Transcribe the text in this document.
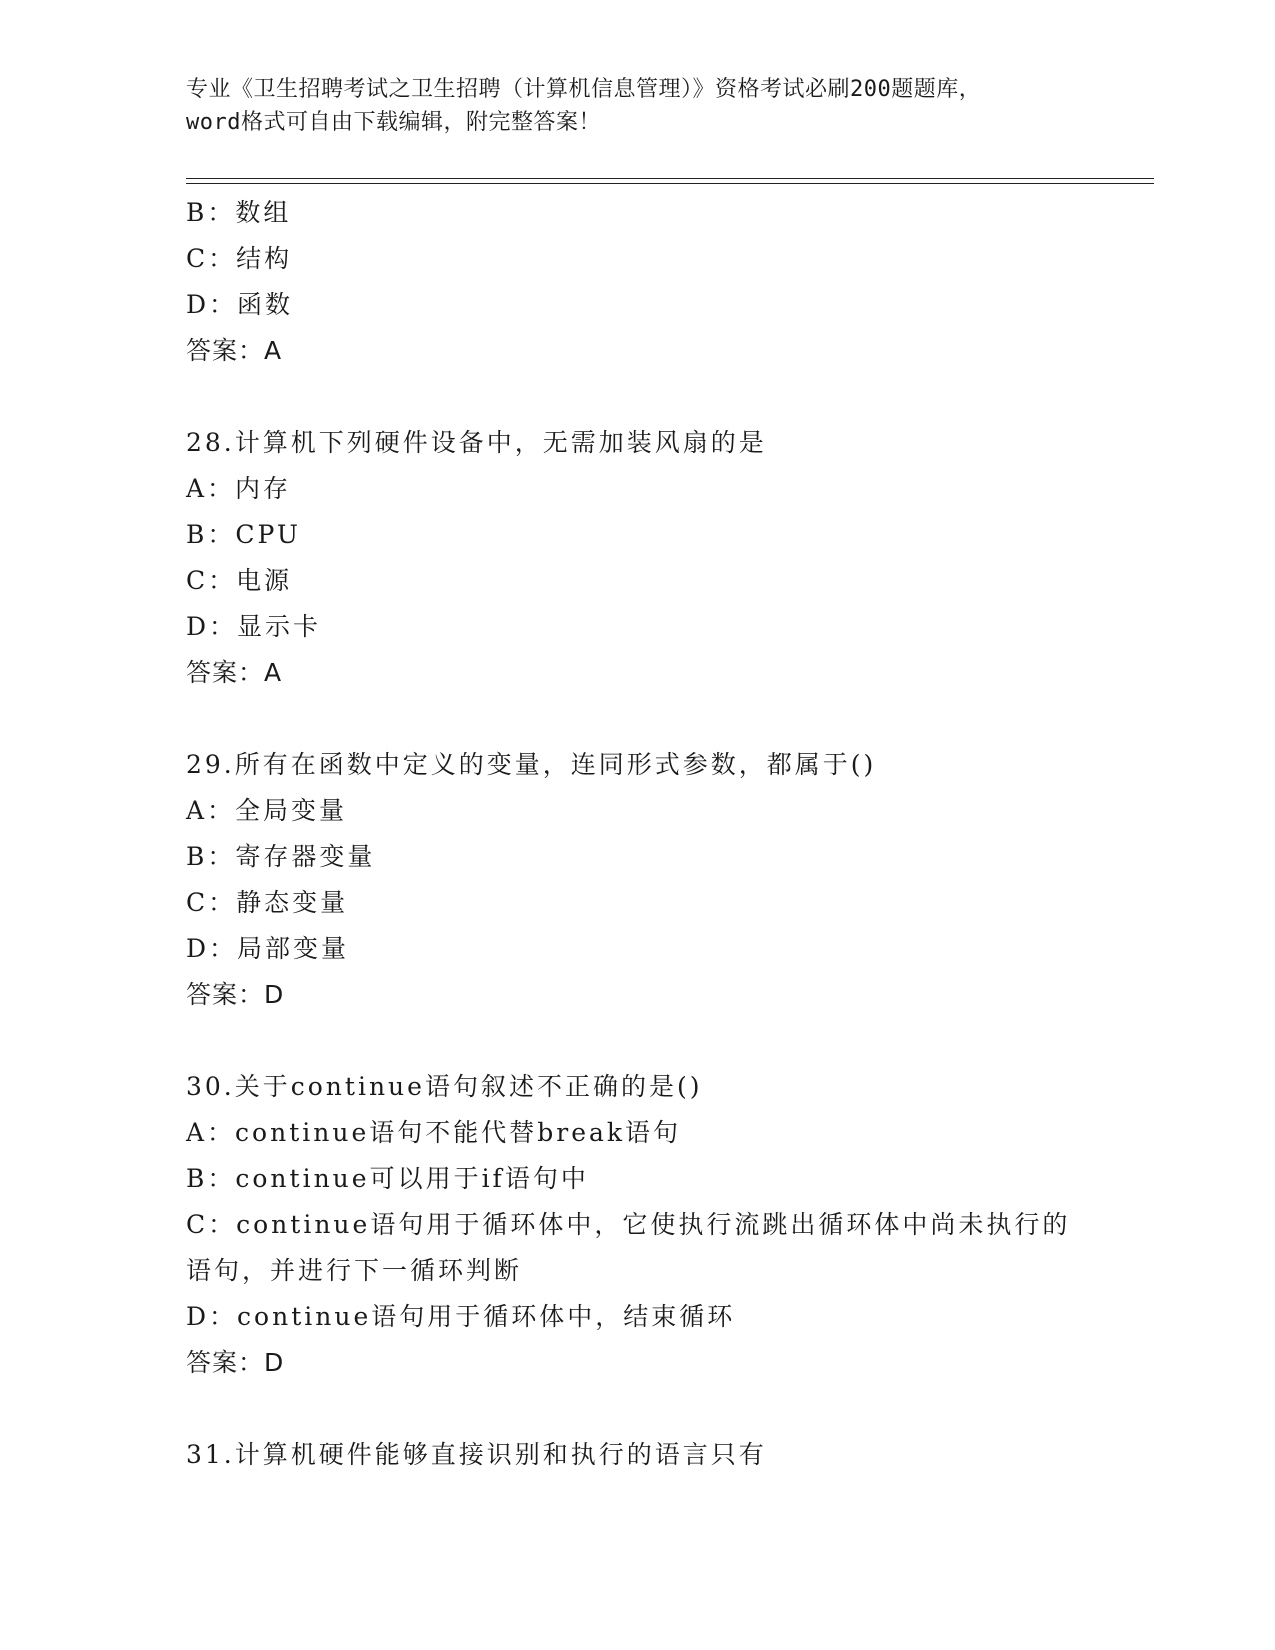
专业《卫生招聘考试之卫生招聘（计算机信息管理）》资格考试必刷200题题库，
word格式可自由下载编辑，附完整答案！
B：数组
C：结构
D：函数
答案：A
28.计算机下列硬件设备中，无需加装风扇的是
A：内存
B：CPU
C：电源
D：显示卡
答案：A
29.所有在函数中定义的变量，连同形式参数，都属于()
A：全局变量
B：寄存器变量
C：静态变量
D：局部变量
答案：D
30.关于continue语句叙述不正确的是()
A：continue语句不能代替break语句
B：continue可以用于if语句中
C：continue语句用于循环体中，它使执行流跳出循环体中尚未执行的
语句，并进行下一循环判断
D：continue语句用于循环体中，结束循环
答案：D
31.计算机硬件能够直接识别和执行的语言只有
